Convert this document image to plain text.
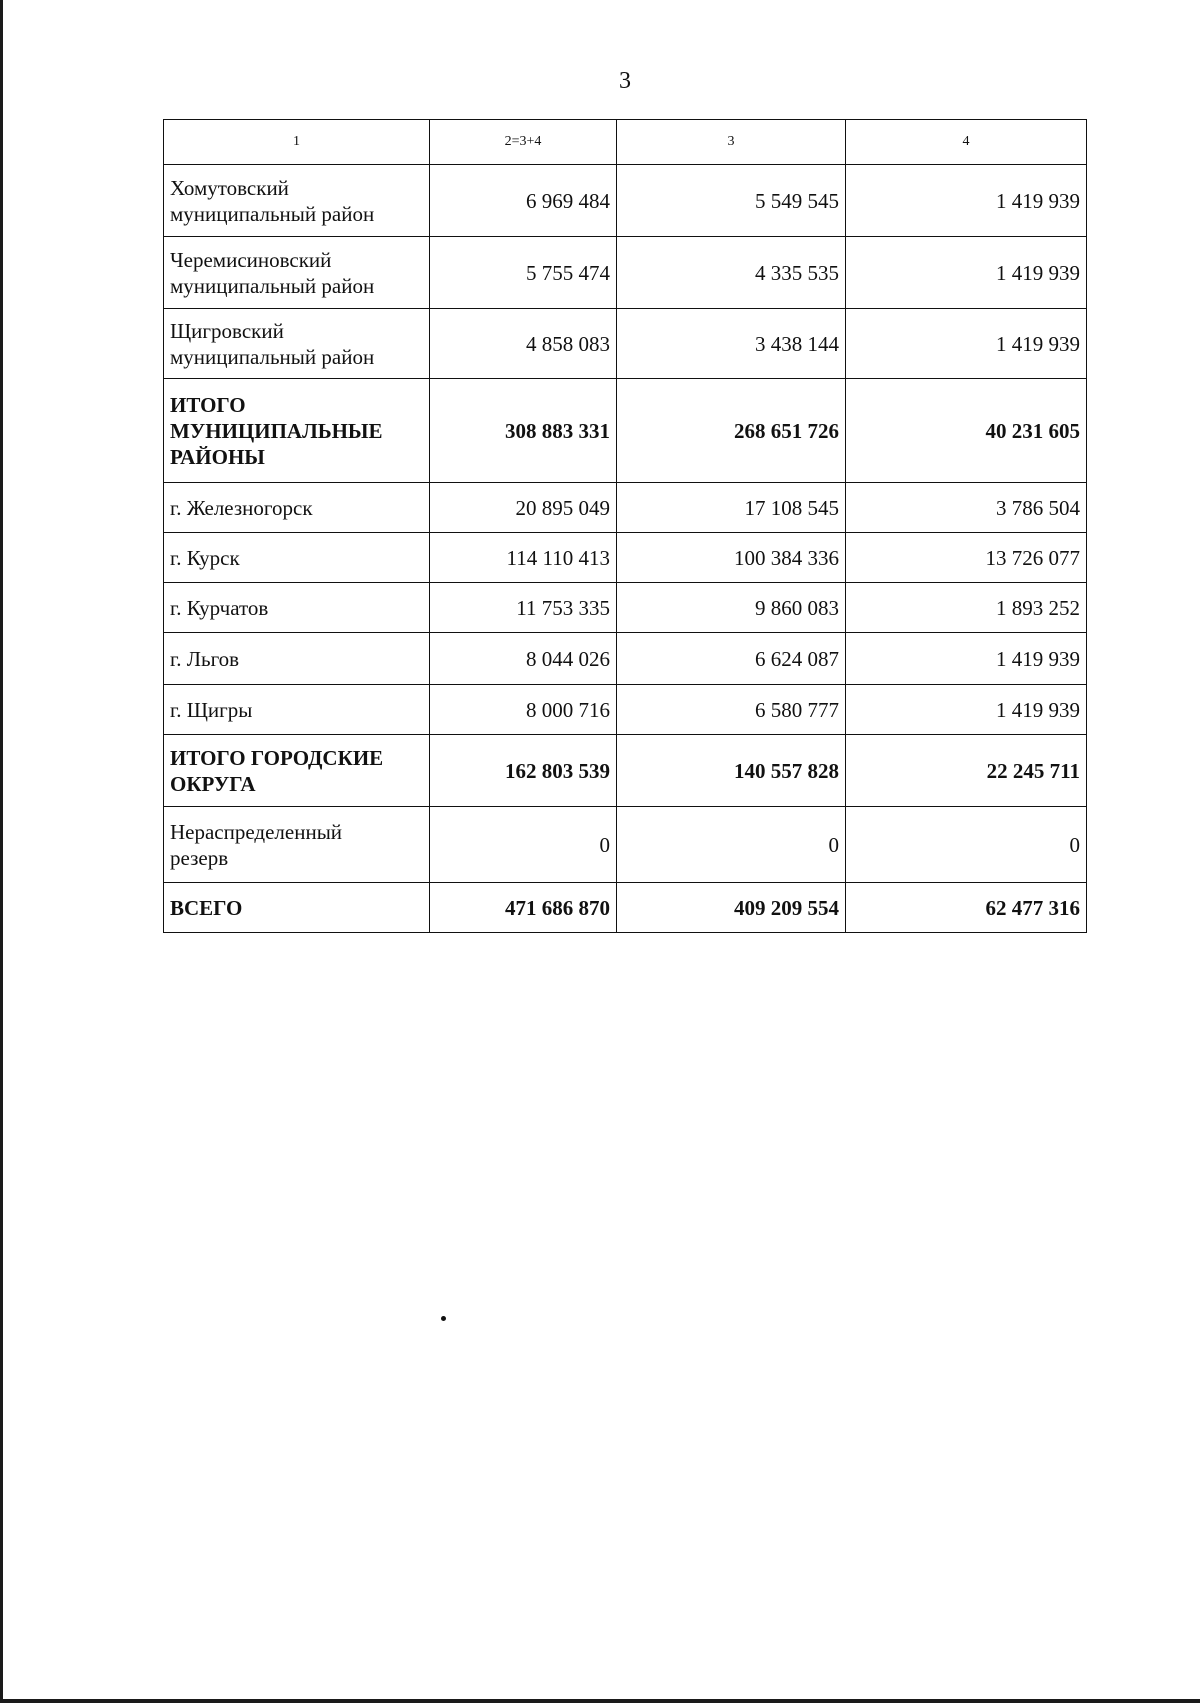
3
1	2=3+4	3	4
Хомутовский муниципальный район	6 969 484	5 549 545	1 419 939
Черемисиновский муниципальный район	5 755 474	4 335 535	1 419 939
Щигровский муниципальный район	4 858 083	3 438 144	1 419 939
ИТОГО МУНИЦИПАЛЬНЫЕ РАЙОНЫ	308 883 331	268 651 726	40 231 605
г. Железногорск	20 895 049	17 108 545	3 786 504
г. Курск	114 110 413	100 384 336	13 726 077
г. Курчатов	11 753 335	9 860 083	1 893 252
г. Льгов	8 044 026	6 624 087	1 419 939
г. Щигры	8 000 716	6 580 777	1 419 939
ИТОГО ГОРОДСКИЕ ОКРУГА	162 803 539	140 557 828	22 245 711
Нераспределенный резерв	0	0	0
ВСЕГО	471 686 870	409 209 554	62 477 316
